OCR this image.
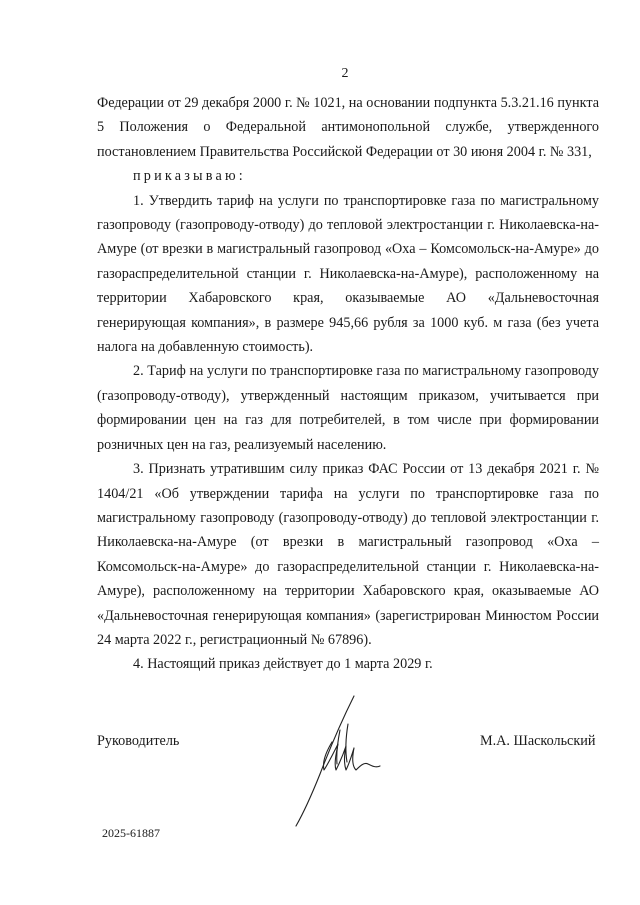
2

Федерации от 29 декабря 2000 г. № 1021, на основании подпункта 5.3.21.16 пункта 5 Положения о Федеральной антимонопольной службе, утвержденного постановлением Правительства Российской Федерации от 30 июня 2004 г. № 331,

приказываю:

1. Утвердить тариф на услуги по транспортировке газа по магистральному газопроводу (газопроводу-отводу) до тепловой электростанции г. Николаевска-на-Амуре (от врезки в магистральный газопровод «Оха – Комсомольск-на-Амуре» до газораспределительной станции г. Николаевска-на-Амуре), расположенному на территории Хабаровского края, оказываемые АО «Дальневосточная генерирующая компания», в размере 945,66 рубля за 1000 куб. м газа (без учета налога на добавленную стоимость).

2. Тариф на услуги по транспортировке газа по магистральному газопроводу (газопроводу-отводу), утвержденный настоящим приказом, учитывается при формировании цен на газ для потребителей, в том числе при формировании розничных цен на газ, реализуемый населению.

3. Признать утратившим силу приказ ФАС России от 13 декабря 2021 г. № 1404/21 «Об утверждении тарифа на услуги по транспортировке газа по магистральному газопроводу (газопроводу-отводу) до тепловой электростанции г. Николаевска-на-Амуре (от врезки в магистральный газопровод «Оха – Комсомольск-на-Амуре» до газораспределительной станции г. Николаевска-на-Амуре), расположенному на территории Хабаровского края, оказываемые АО «Дальневосточная генерирующая компания» (зарегистрирован Минюстом России 24 марта 2022 г., регистрационный № 67896).

4. Настоящий приказ действует до 1 марта 2029 г.

Руководитель	М.А. Шаскольский
2025-61887
